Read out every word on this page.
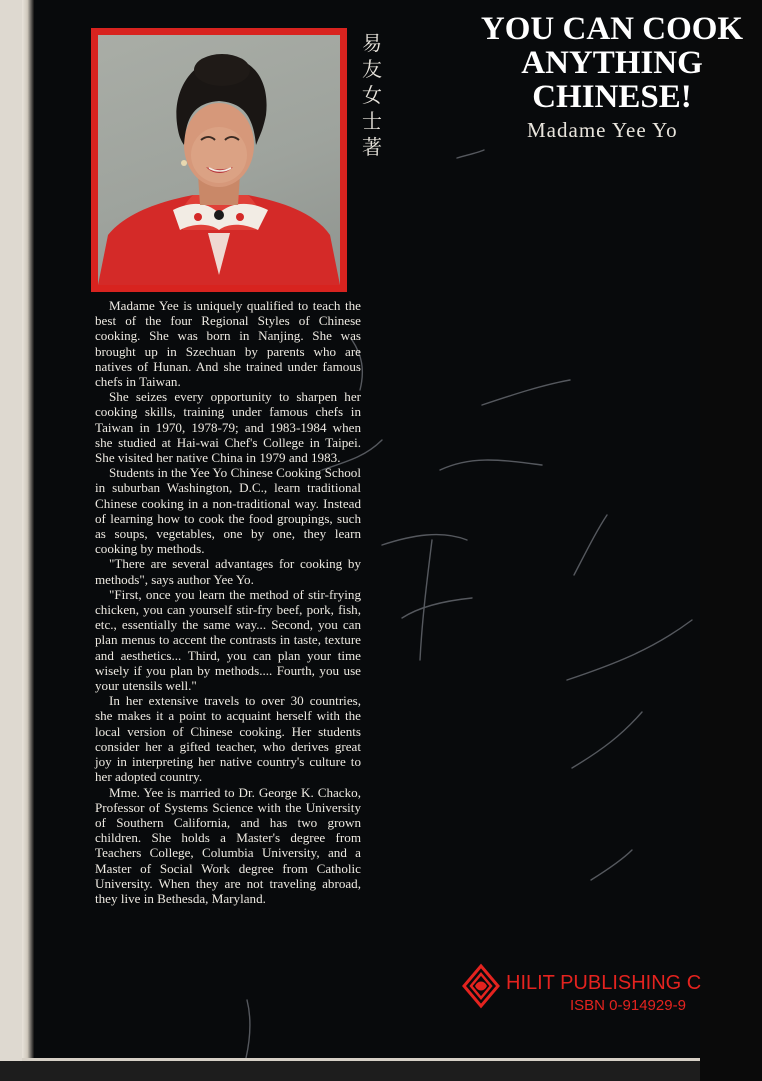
易
友
女
士
著
YOU CAN COOK
ANYTHING
CHINESE!
Madame Yee Yo

Madame Yee is uniquely qualified to teach the best of the four Regional Styles of Chinese cooking. She was born in Nanjing. She was brought up in Szechuan by parents who are natives of Hunan. And she trained under famous chefs in Taiwan.

She seizes every opportunity to sharpen her cooking skills, training under famous chefs in Taiwan in 1970, 1978-79; and 1983-1984 when she studied at Hai-wai Chef's College in Taipei. She visited her native China in 1979 and 1983.

Students in the Yee Yo Chinese Cooking School in suburban Washington, D.C., learn traditional Chinese cooking in a non-traditional way. Instead of learning how to cook the food groupings, such as soups, vegetables, one by one, they learn cooking by methods.

"There are several advantages for cooking by methods", says author Yee Yo.

"First, once you learn the method of stir-frying chicken, you can yourself stir-fry beef, pork, fish, etc., essentially the same way... Second, you can plan menus to accent the contrasts in taste, texture and aesthetics... Third, you can plan your time wisely if you plan by methods.... Fourth, you use your utensils well."

In her extensive travels to over 30 countries, she makes it a point to acquaint herself with the local version of Chinese cooking. Her students consider her a gifted teacher, who derives great joy in interpreting her native country's culture to her adopted country.

Mme. Yee is married to Dr. George K. Chacko, Professor of Systems Science with the University of Southern California, and has two grown children. She holds a Master's degree from Teachers College, Columbia University, and a Master of Social Work degree from Catholic University. When they are not traveling abroad, they live in Bethesda, Maryland.

HILIT PUBLISHING C
ISBN 0-914929-9
